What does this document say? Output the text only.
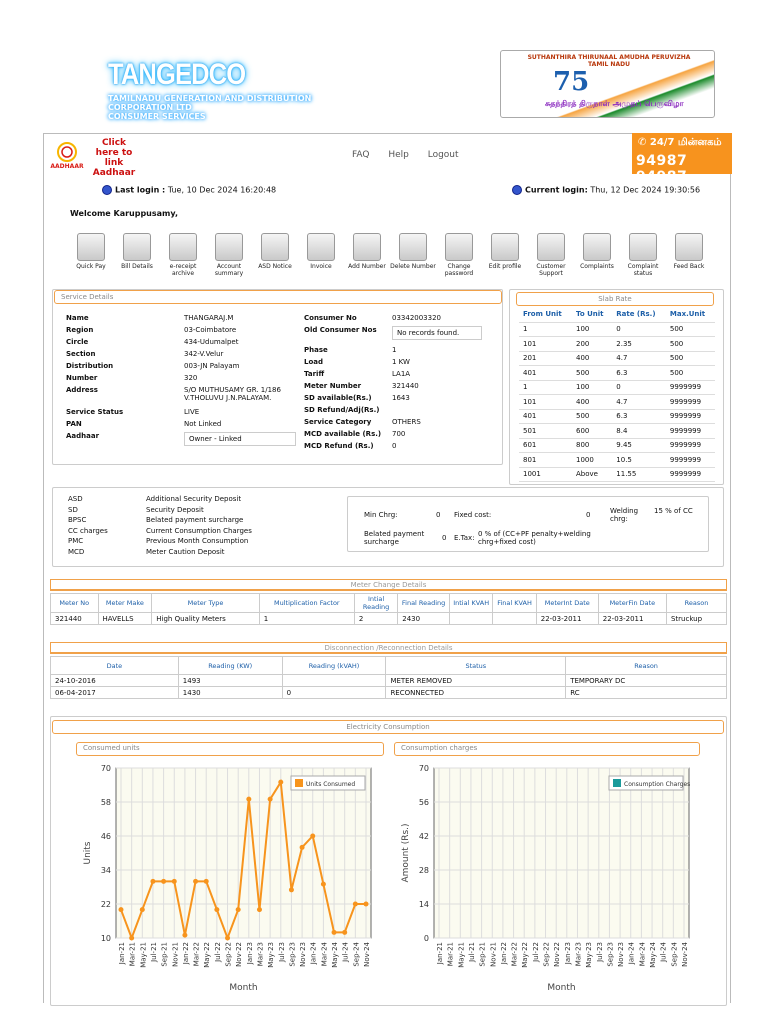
TANGEDCO
TAMILNADU GENERATION AND DISTRIBUTION CORPORATION LTD
CONSUMER SERVICES
SUTHANTHIRA THIRUNAAL AMUDHA PERUVIZHA
TAMIL NADU
75
சுதந்திரத் திருநாள் அமுதப் பெருவிழா
AADHAAR
Click here to link Aadhaar
FAQ Help Logout
✆ 24/7 மின்னகம்
94987 94987
Last login : Tue, 10 Dec 2024 16:20:48	Current login: Thu, 12 Dec 2024 19:30:56
Welcome Karuppusamy,
Quick Pay	Bill Details	e-receipt archive
Account summary
ASD Notice	Invoice	Add Number Delete Number	Change password
Edit profile	Customer Support
Complaints	Complaint status
Feed Back
Service Details
Name	THANGARAJ.M
Region	03-Coimbatore
Circle	434-Udumalpet
Section	342-V.Velur
Distribution	003-JN Palayam
Number	320
Address	S/O MUTHUSAMY GR. 1/186 V.THOLUVU J.N.PALAYAM.
Service Status	LIVE
PAN	Not Linked
Aadhaar	Owner - Linked
Consumer No	03342003320
Old Consumer Nos	No records found.
Phase	1
Load	1 KW
Tariff	LA1A
Meter Number	321440
SD available(Rs.)	1643
SD Refund/Adj(Rs.)	
Service Category	OTHERS
MCD available (Rs.)	700
MCD Refund (Rs.)	0
Slab Rate
From Unit	To Unit	Rate (Rs.)	Max.Unit
1	100	0	500
101	200	2.35	500
201	400	4.7	500
401	500	6.3	500
1	100	0	9999999
101	400	4.7	9999999
401	500	6.3	9999999
501	600	8.4	9999999
601	800	9.45	9999999
801	1000	10.5	9999999
1001	Above	11.55	9999999
ASD	Additional Security Deposit
SD	Security Deposit
BPSC	Belated payment surcharge
CC charges	Current Consumption Charges
PMC	Previous Month Consumption
MCD	Meter Caution Deposit
Min Chrg:	0 Fixed cost:	0	Welding chrg:
15 % of CC
Belated payment surcharge	0 E.Tax: 0 % of (CC+PF penalty+welding chrg+fixed cost)
Meter Change Details
Meter No	Meter Make	Meter Type	Multiplication Factor	Intial Reading	Final Reading	Intial KVAH	Final KVAH	MeterInt Date	MeterFin Date	Reason
321440	HAVELLS	High Quality Meters	1	2	2430			22-03-2011	22-03-2011	Struckup
Disconnection /Reconnection Details
Date	Reading (KW)	Reading (kVAH)	Status	Reason
24-10-2016	1493		METER REMOVED	TEMPORARY DC
06-04-2017	1430	0	RECONNECTED	RC
Electricity Consumption
Consumed units	Consumption charges
10
22
34
46
58
70
Jan-21 Mar-21 May-21 Jul-21 Sep-21 Nov-21 Jan-22 Mar-22 May-22 Jul-22 Sep-22 Nov-22 Jan-23 Mar-23 May-23 Jul-23 Sep-23 Nov-23 Jan-24 Mar-24 May-24 Jul-24 Sep-24 Nov-24
Month
Units
Units Consumed
0
14
28
42
56
70
Jan-21 Mar-21 May-21 Jul-21 Sep-21 Nov-21 Jan-22 Mar-22 May-22 Jul-22 Sep-22 Nov-22 Jan-23 Mar-23 May-23 Jul-23 Sep-23 Nov-23 Jan-24 Mar-24 May-24 Jul-24 Sep-24 Nov-24
Month
Amount (Rs.)
Consumption Charges
